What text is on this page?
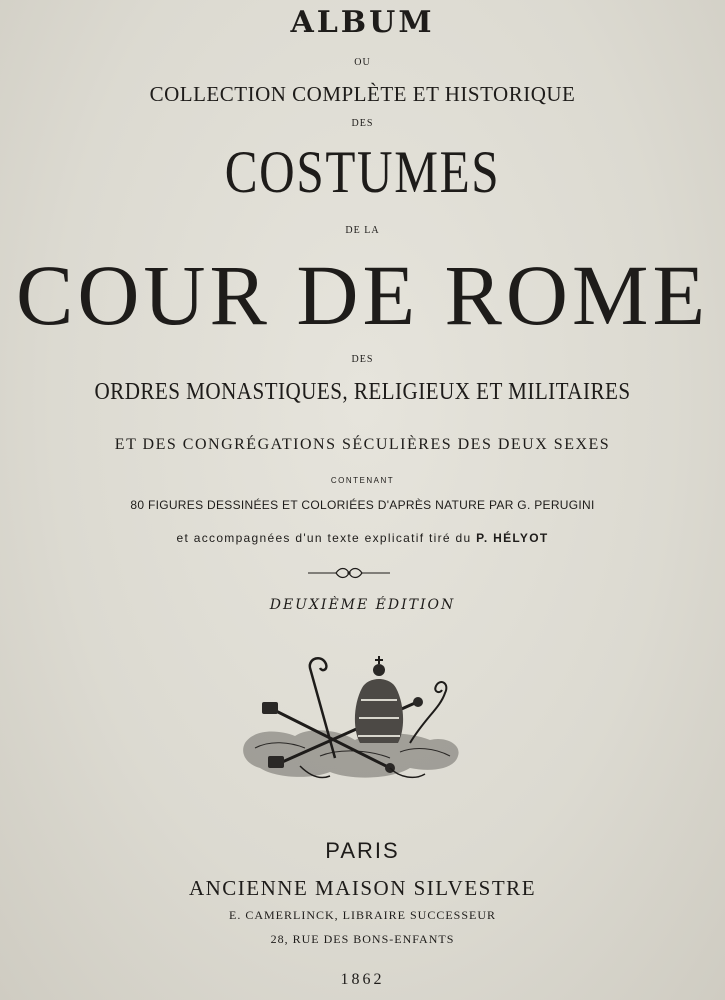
ALBUM
OU
COLLECTION COMPLÈTE ET HISTORIQUE
DES
COSTUMES
DE LA
COUR DE ROME
DES
ORDRES MONASTIQUES, RELIGIEUX ET MILITAIRES
ET DES CONGRÉGATIONS SÉCULIÈRES DES DEUX SEXES
CONTENANT
80 FIGURES DESSINÉES ET COLORIÉES D'APRÈS NATURE PAR G. PERUGINI
et accompagnées d'un texte explicatif tiré du P. HÉLYOT
DEUXIÈME ÉDITION
PARIS
ANCIENNE MAISON SILVESTRE
E. CAMERLINCK, LIBRAIRE SUCCESSEUR
28, RUE DES BONS-ENFANTS
1862
